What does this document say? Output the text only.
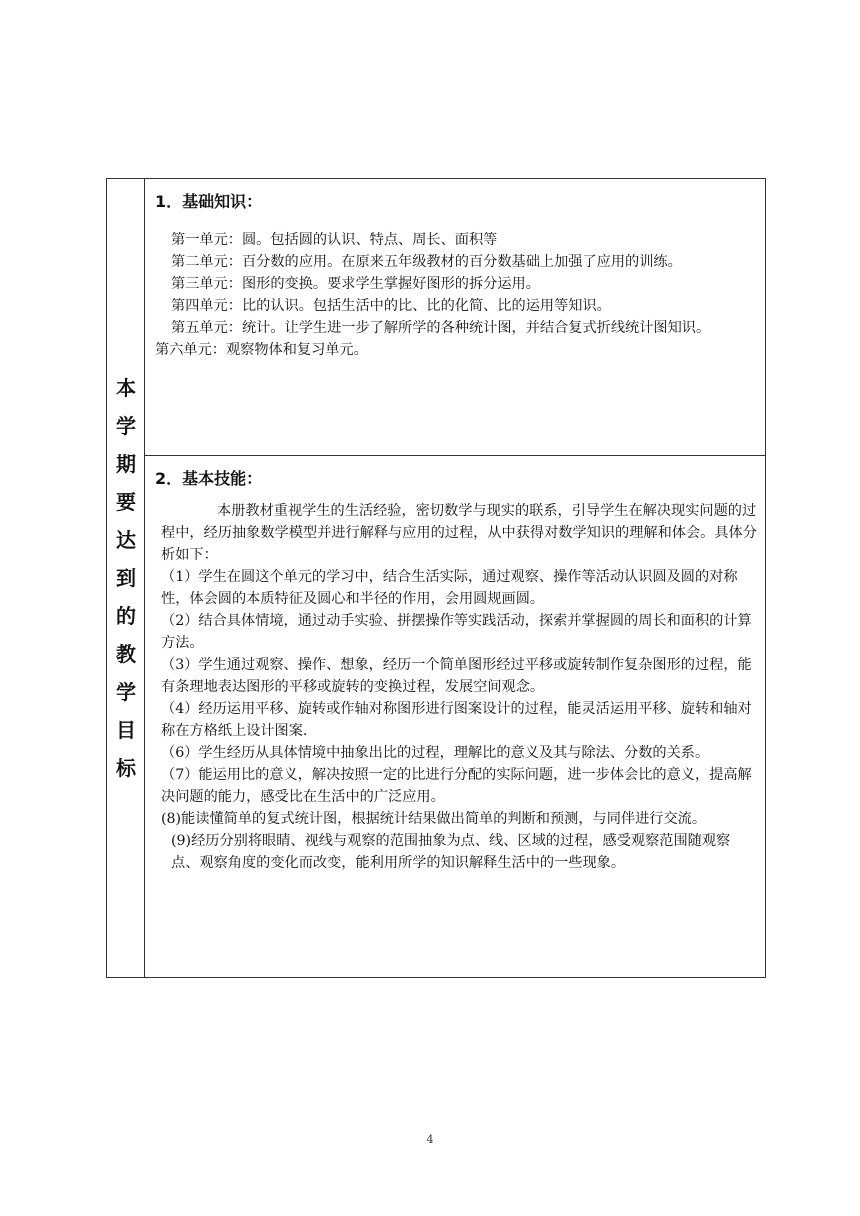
本
学
期
要
达
到
的
教
学
目
标

1．基础知识：

第一单元：圆。包括圆的认识、特点、周长、面积等

第二单元：百分数的应用。在原来五年级教材的百分数基础上加强了应用的训练。

第三单元：图形的变换。要求学生掌握好图形的拆分运用。

第四单元：比的认识。包括生活中的比、比的化简、比的运用等知识。

第五单元：统计。让学生进一步了解所学的各种统计图，并结合复式折线统计图知识。

第六单元：观察物体和复习单元。

2．基本技能：

本册教材重视学生的生活经验，密切数学与现实的联系，引导学生在解决现实问题的过程中，经历抽象数学模型并进行解释与应用的过程，从中获得对数学知识的理解和体会。具体分析如下：

（1）学生在圆这个单元的学习中，结合生活实际，通过观察、操作等活动认识圆及圆的对称性，体会圆的本质特征及圆心和半径的作用，会用圆规画圆。

（2）结合具体情境，通过动手实验、拼摆操作等实践活动，探索并掌握圆的周长和面积的计算方法。

（3）学生通过观察、操作、想象，经历一个简单图形经过平移或旋转制作复杂图形的过程，能有条理地表达图形的平移或旋转的变换过程，发展空间观念。

（4）经历运用平移、旋转或作轴对称图形进行图案设计的过程，能灵活运用平移、旋转和轴对称在方格纸上设计图案.

（6）学生经历从具体情境中抽象出比的过程，理解比的意义及其与除法、分数的关系。

（7）能运用比的意义，解决按照一定的比进行分配的实际问题，进一步体会比的意义，提高解决问题的能力，感受比在生活中的广泛应用。

(8)能读懂简单的复式统计图，根据统计结果做出简单的判断和预测，与同伴进行交流。

(9)经历分别将眼睛、视线与观察的范围抽象为点、线、区域的过程，感受观察范围随观察点、观察角度的变化而改变，能利用所学的知识解释生活中的一些现象。

4
